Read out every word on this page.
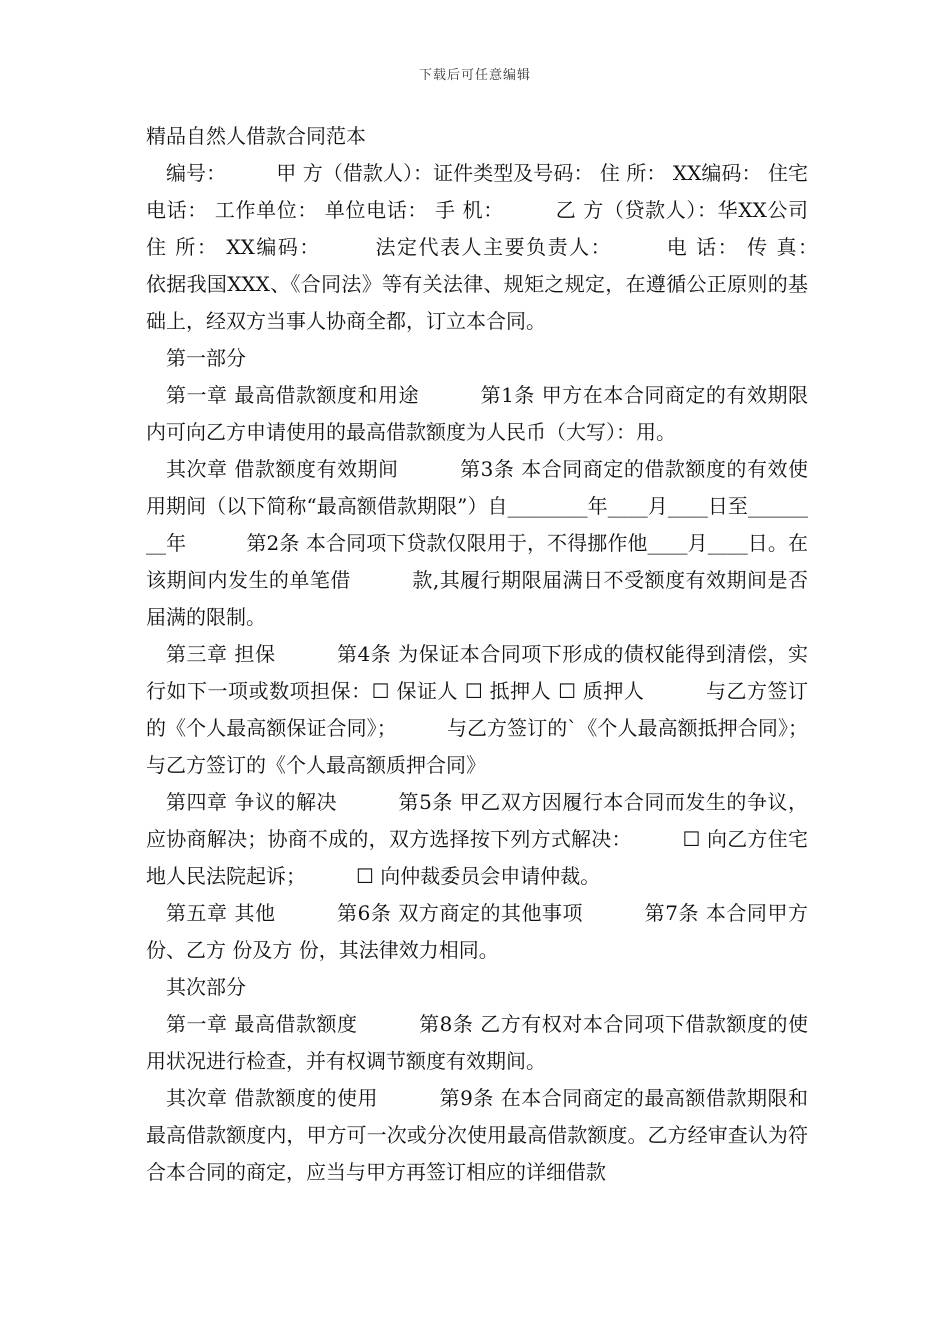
下载后可任意编辑

精品自然人借款合同范本

编号：　　　甲 方（借款人）：证件类型及号码： 住 所： XX编码： 住宅电话： 工作单位： 单位电话： 手 机：　　　乙 方（贷款人）：华XX公司 住 所： XX编码：　　　法定代表人主要负责人：　　　电 话： 传 真：　　　依据我国XXX、《合同法》等有关法律、规矩之规定，在遵循公正原则的基础上，经双方当事人协商全都，订立本合同。

第一部分

第一章 最高借款额度和用途　　　第1条 甲方在本合同商定的有效期限内可向乙方申请使用的最高借款额度为人民币（大写）：用。

其次章 借款额度有效期间　　　第3条 本合同商定的借款额度的有效使用期间（以下简称“最高额借款期限”）自________年____月____日至________年　　　第2条 本合同项下贷款仅限用于，不得挪作他____月____日。在该期间内发生的单笔借　　　款,其履行期限届满日不受额度有效期间是否届满的限制。

第三章 担保　　　第4条 为保证本合同项下形成的债权能得到清偿，实行如下一项或数项担保：☐ 保证人 ☐ 抵押人 ☐ 质押人　　　与乙方签订的《个人最高额保证合同》；　　　与乙方签订的`《个人最高额抵押合同》；与乙方签订的《个人最高额质押合同》

第四章 争议的解决　　　第5条 甲乙双方因履行本合同而发生的争议，应协商解决；协商不成的，双方选择按下列方式解决：　　　☐ 向乙方住宅地人民法院起诉；　　　☐ 向仲裁委员会申请仲裁。

第五章 其他　　　第6条 双方商定的其他事项　　　第7条 本合同甲方 份、乙方 份及方 份，其法律效力相同。

其次部分

第一章 最高借款额度　　　第8条 乙方有权对本合同项下借款额度的使用状况进行检查，并有权调节额度有效期间。

其次章 借款额度的使用　　　第9条 在本合同商定的最高额借款期限和最高借款额度内，甲方可一次或分次使用最高借款额度。乙方经审查认为符合本合同的商定，应当与甲方再签订相应的详细借款
